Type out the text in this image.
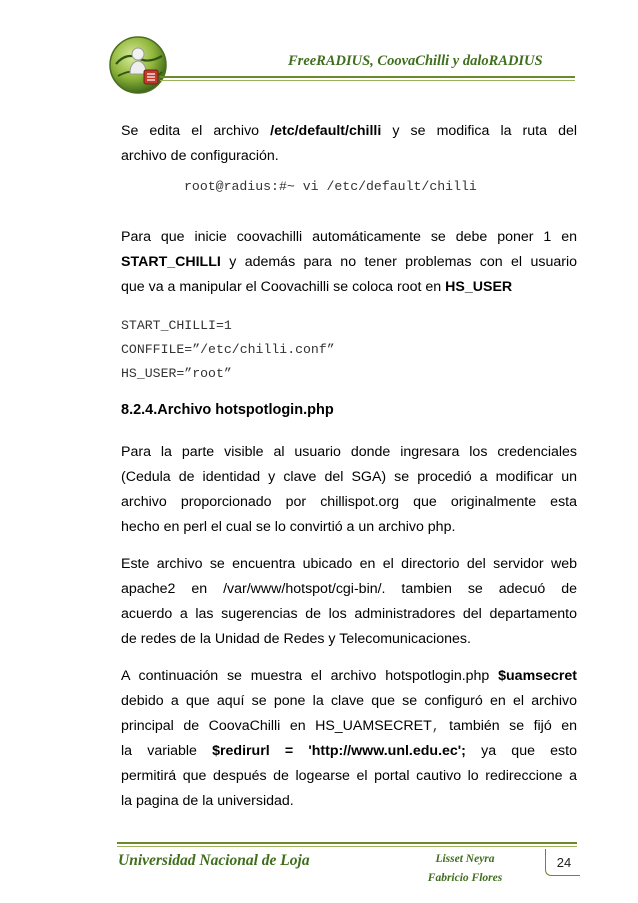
FreeRADIUS, CoovaChilli y daloRADIUS
Se edita el archivo /etc/default/chilli y se modifica la ruta del
archivo de configuración.
root@radius:#~ vi /etc/default/chilli
Para que inicie coovachilli automáticamente se debe poner 1 en
START_CHILLI y además para no tener problemas con el usuario
que va a manipular el Coovachilli se coloca root en HS_USER
START_CHILLI=1
CONFFILE=”/etc/chilli.conf”
HS_USER=”root”
8.2.4.Archivo hotspotlogin.php
Para la parte visible al usuario donde ingresara los credenciales
(Cedula de identidad y clave del SGA) se procedió a modificar un
archivo proporcionado por chillispot.org que originalmente esta
hecho en perl el cual se lo convirtió a un archivo php.
Este archivo se encuentra ubicado en el directorio del servidor web
apache2 en /var/www/hotspot/cgi-bin/. tambien se adecuó de
acuerdo a las sugerencias de los administradores del departamento
de redes de la Unidad de Redes y Telecomunicaciones.
A continuación se muestra el archivo hotspotlogin.php $uamsecret
debido a que aquí se pone la clave que se configuró en el archivo
principal de CoovaChilli en HS_UAMSECRET, también se fijó en
la variable $redirurl = 'http://www.unl.edu.ec'; ya que esto
permitirá que después de logearse el portal cautivo lo redireccione a
la pagina de la universidad.
Universidad Nacional de Loja	Lisset Neyra
Fabricio Flores
24
